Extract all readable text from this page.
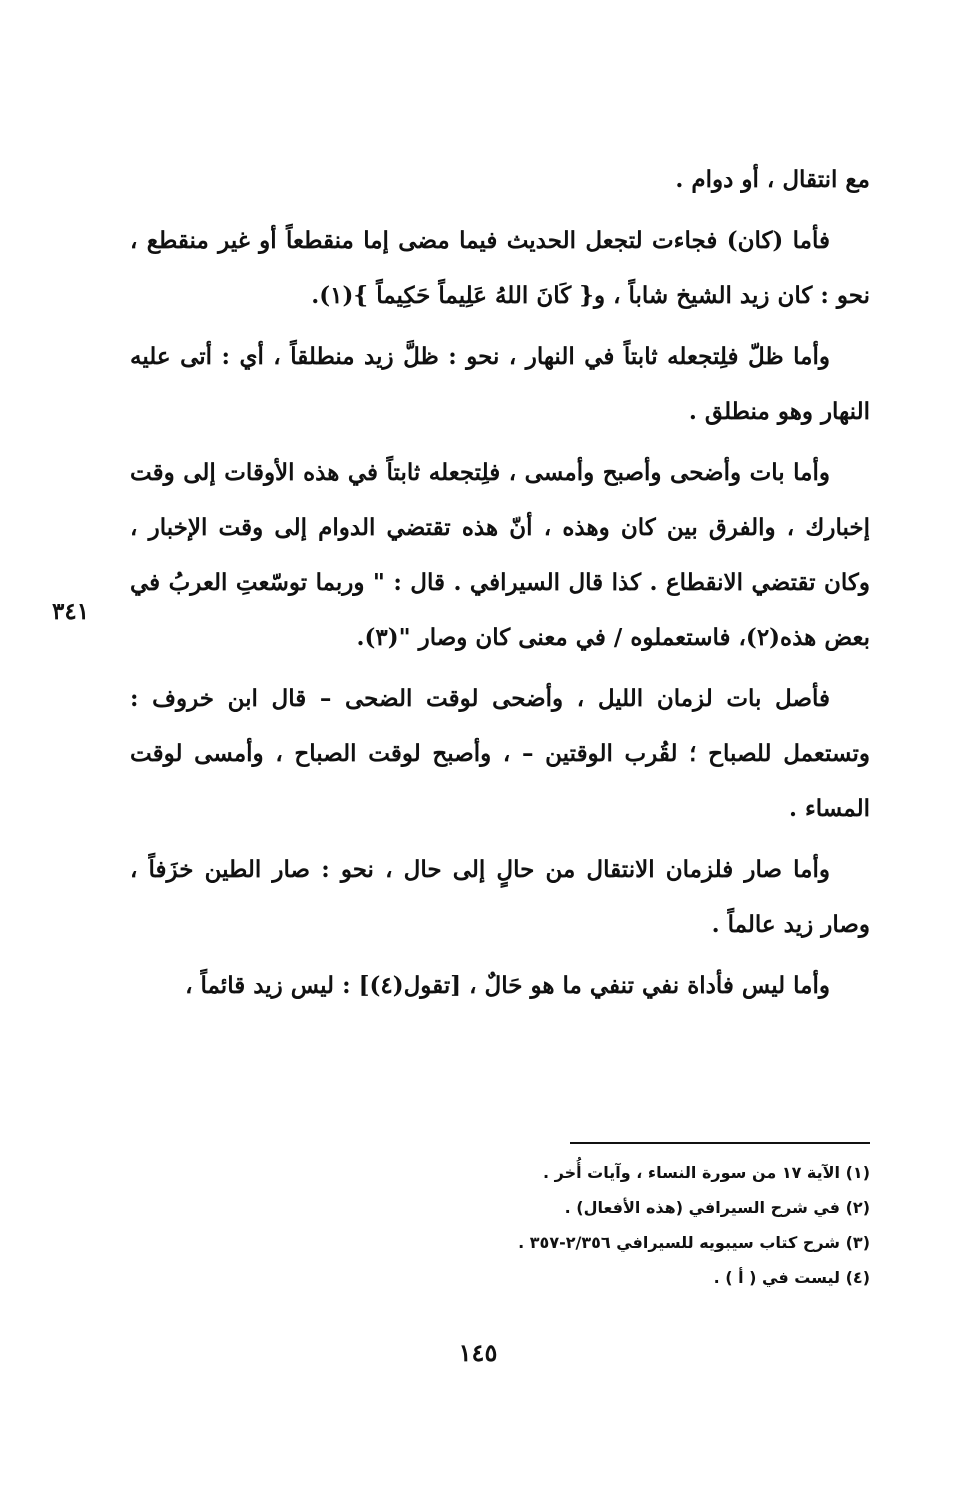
مع انتقال ، أو دوام .

فأما (كان) فجاءت لتجعل الحديث فيما مضى إما منقطعاً أو غير منقطع ، نحو : كان زيد الشيخ شاباً ، و{ كَانَ اللهُ عَلِيماً حَكِيماً }(١).

وأما ظلّ فلِتجعله ثابتاً في النهار ، نحو : ظلَّ زيد منطلقاً ، أي : أتى عليه النهار وهو منطلق .

وأما بات وأضحى وأصبح وأمسى ، فلِتجعله ثابتاً في هذه الأوقات إلى وقت إخبارك ، والفرق بين كان وهذه ، أنّ هذه تقتضي الدوام إلى وقت الإخبار ، وكان تقتضي الانقطاع . كذا قال السيرافي . قال : " وربما توسّعتِ العربُ في بعض هذه(٢)، فاستعملوه / في معنى كان وصار "(٣).

فأصل بات لزمان الليل ، وأضحى لوقت الضحى – قال ابن خروف : وتستعمل للصباح ؛ لقُرب الوقتين – ، وأصبح لوقت الصباح ، وأمسى لوقت المساء .

وأما صار فلزمان الانتقال من حالٍ إلى حال ، نحو : صار الطين خزَفاً ، وصار زيد عالماً .

وأما ليس فأداة نفي تنفي ما هو حَالٌ ، [تقول(٤)] : ليس زيد قائماً ،

٣٤١
(١) الآية ١٧ من سورة النساء ، وآيات أُخر .
(٢) في شرح السيرافي (هذه الأفعال) .
(٣) شرح كتاب سيبويه للسيرافي ٢/٣٥٦-٣٥٧ .
(٤) ليست في ( أ ) .
١٤٥
